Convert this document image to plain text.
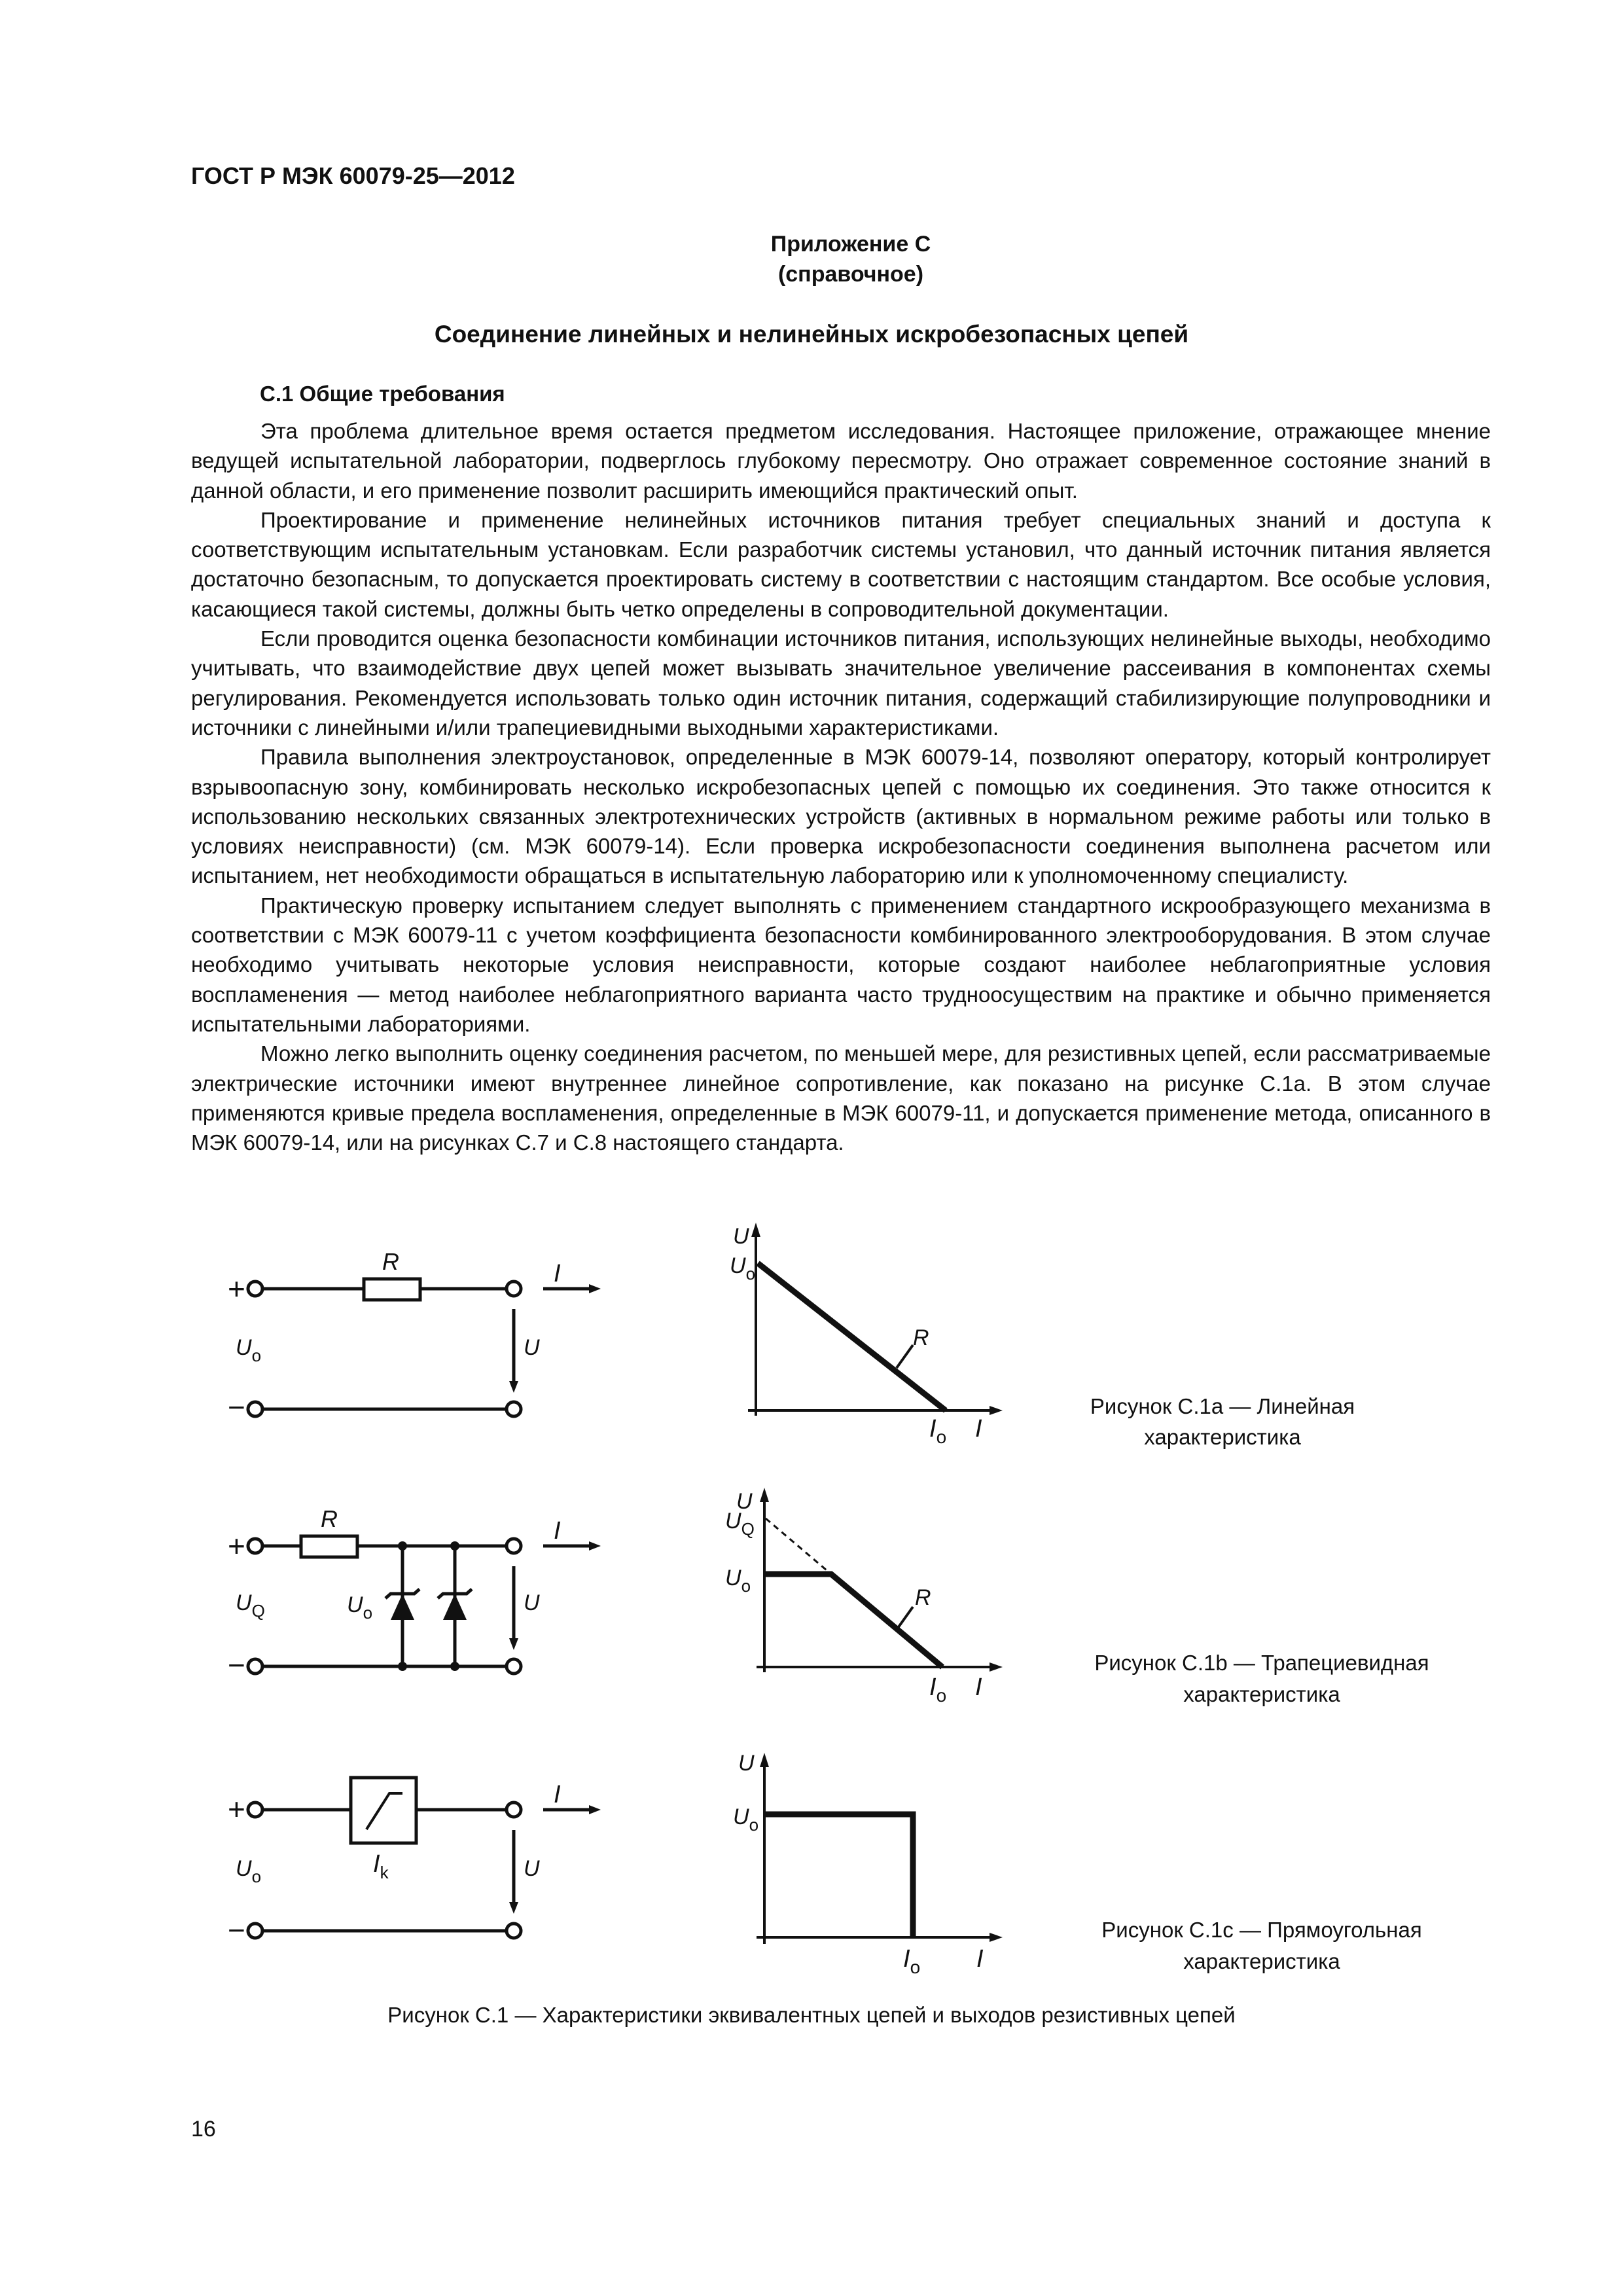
ГОСТ Р МЭК 60079-25—2012
Приложение С
(справочное)
Соединение линейных и нелинейных искробезопасных цепей
С.1 Общие требования

Эта проблема длительное время остается предметом исследования. Настоящее приложение, отражающее мнение ведущей испытательной лаборатории, подверглось глубокому пересмотру. Оно отражает современное состояние знаний в данной области, и его применение позволит расширить имеющийся практический опыт.

Проектирование и применение нелинейных источников питания требует специальных знаний и доступа к соответствующим испытательным установкам. Если разработчик системы установил, что данный источник питания является достаточно безопасным, то допускается проектировать систему в соответствии с настоящим стандартом. Все особые условия, касающиеся такой системы, должны быть четко определены в сопроводительной документации.

Если проводится оценка безопасности комбинации источников питания, использующих нелинейные выходы, необходимо учитывать, что взаимодействие двух цепей может вызывать значительное увеличение рассеивания в компонентах схемы регулирования. Рекомендуется использовать только один источник питания, содержащий стабилизирующие полупроводники и источники с линейными и/или трапециевидными выходными характеристиками.

Правила выполнения электроустановок, определенные в МЭК 60079-14, позволяют оператору, который контролирует взрывоопасную зону, комбинировать несколько искробезопасных цепей с помощью их соединения. Это также относится к использованию нескольких связанных электротехнических устройств (активных в нормальном режиме работы или только в условиях неисправности) (см. МЭК 60079-14). Если проверка искробезопасности соединения выполнена расчетом или испытанием, нет необходимости обращаться в испытательную лабораторию или к уполномоченному специалисту.

Практическую проверку испытанием следует выполнять с применением стандартного искрообразующего механизма в соответствии с МЭК 60079-11 с учетом коэффициента безопасности комбинированного электрооборудования. В этом случае необходимо учитывать некоторые условия неисправности, которые создают наиболее неблагоприятные условия воспламенения — метод наиболее неблагоприятного варианта часто трудноосуществим на практике и обычно применяется испытательными лабораториями.

Можно легко выполнить оценку соединения расчетом, по меньшей мере, для резистивных цепей, если рассматриваемые электрические источники имеют внутреннее линейное сопротивление, как показано на рисунке С.1а. В этом случае применяются кривые предела воспламенения, определенные в МЭК 60079-11, и допускается применение метода, описанного в МЭК 60079-14, или на рисунках С.7 и С.8 настоящего стандарта.

+
R	I
U
$U_o$
−
U
$U_o$
R
$I_o$ I
Рисунок С.1а — Линейная
характеристика
+
R
$U_o$
I
U
$U_Q$
−
U
$U_Q$
$U_o$	R
$I_o$ I
Рисунок С.1b — Трапециевидная
характеристика
+
$I_k$
I
U
$U_o$
−
U
$U_o$
$I_o$ I
Рисунок С.1с — Прямоугольная
характеристика
Рисунок С.1 — Характеристики эквивалентных цепей и выходов резистивных цепей
16
